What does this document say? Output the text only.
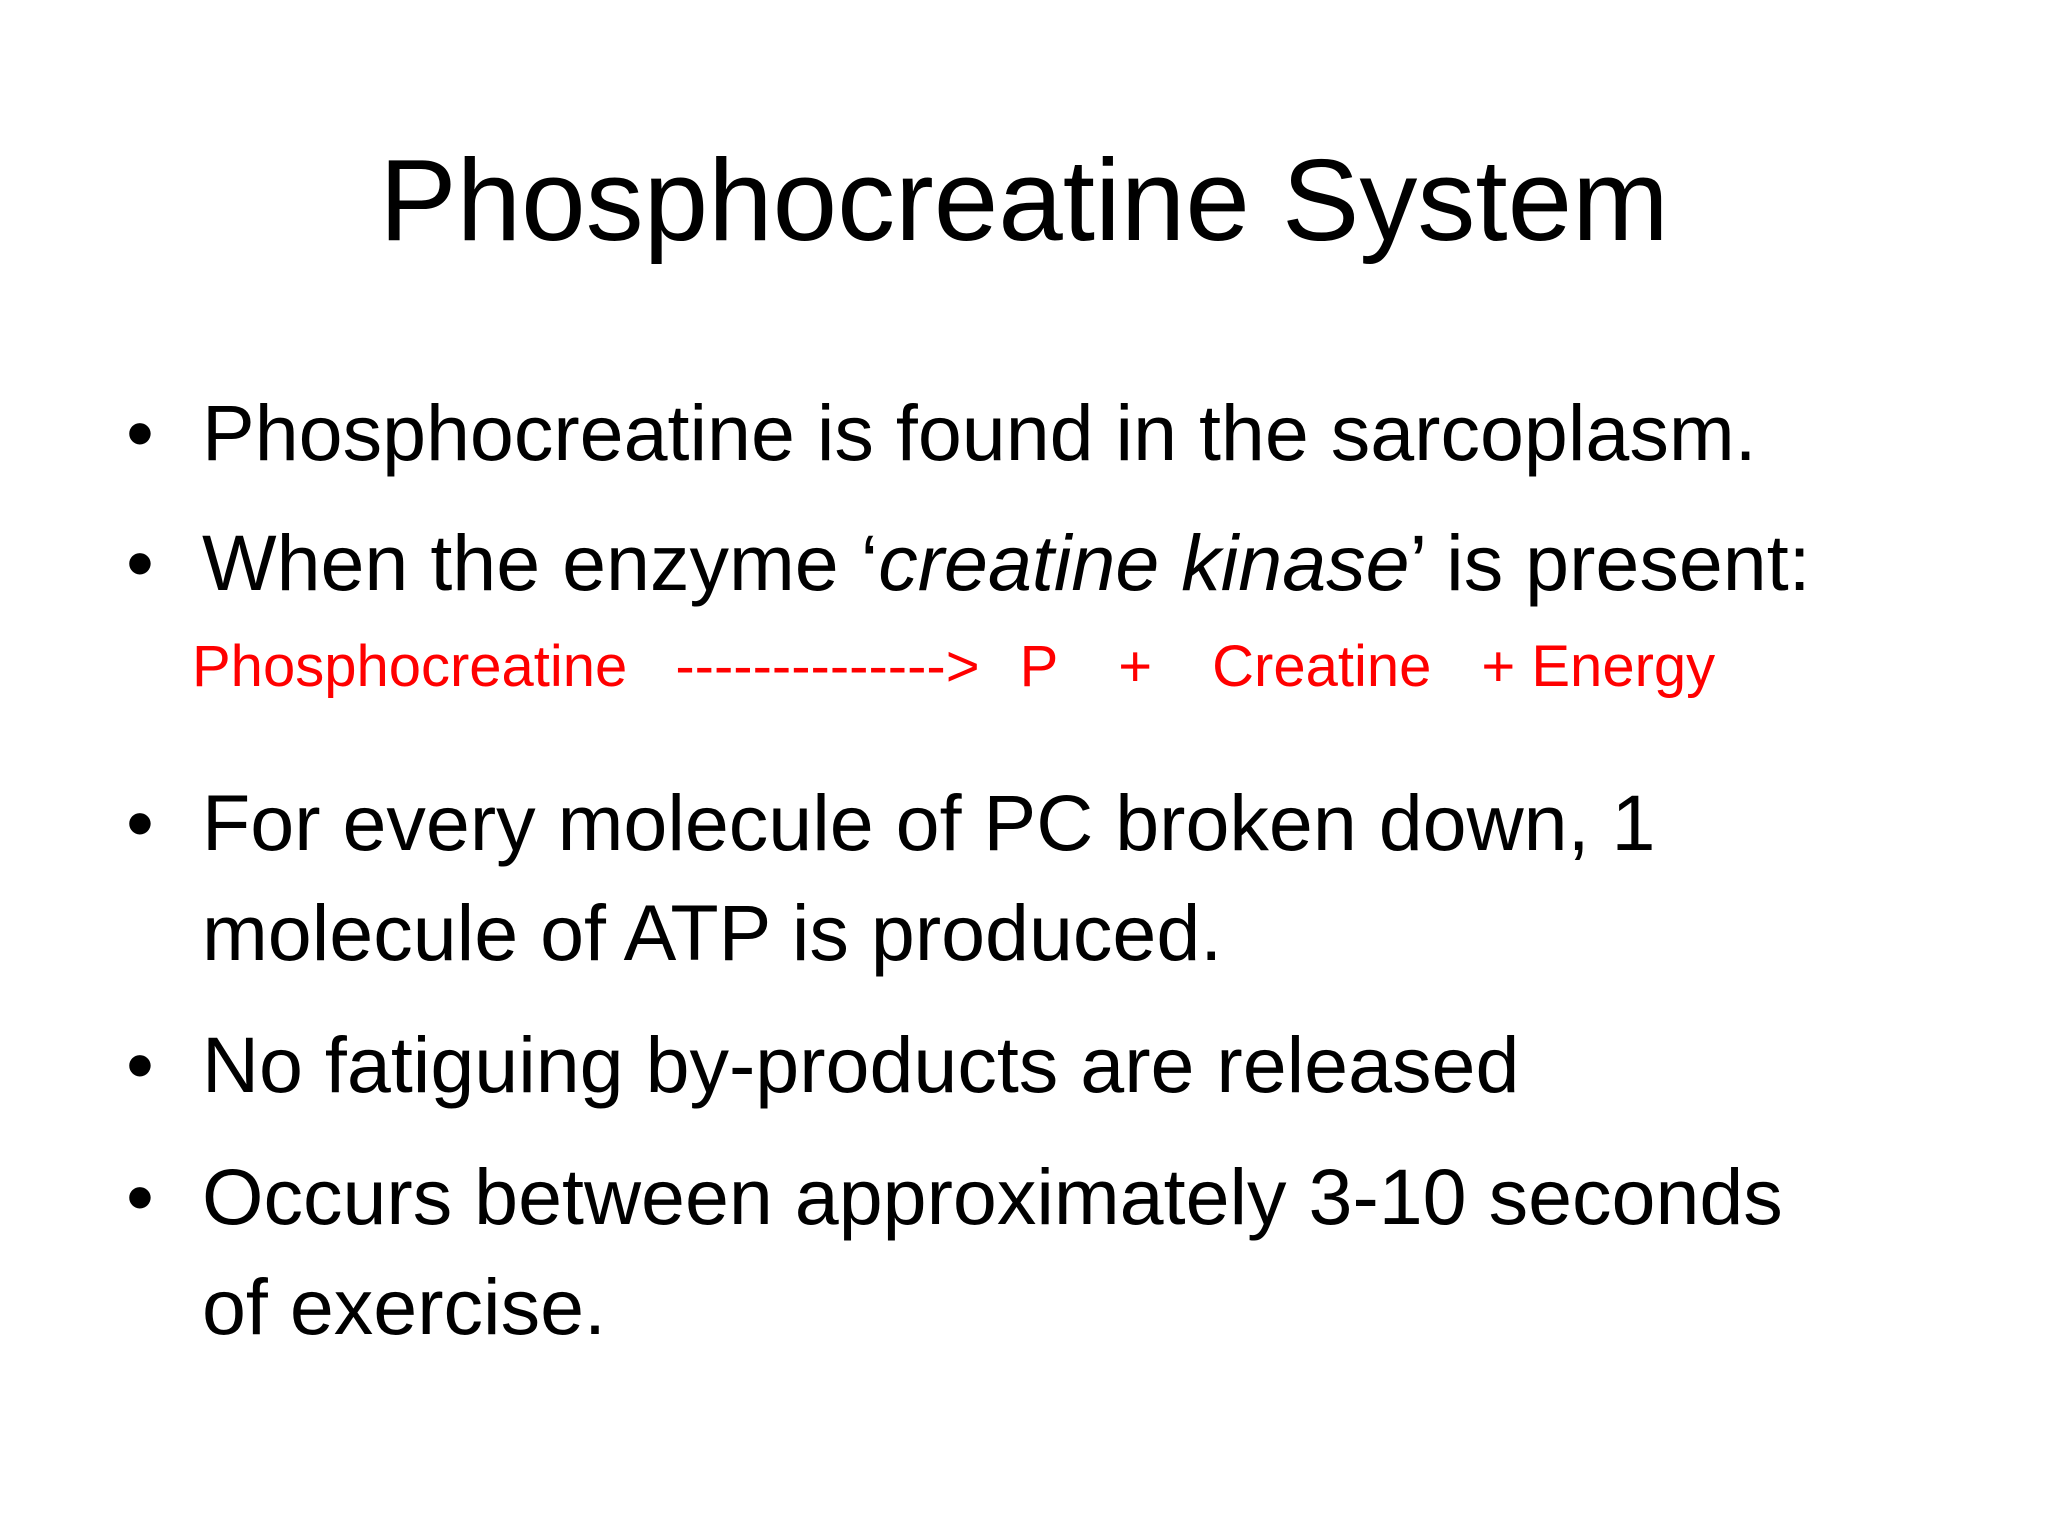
Phosphocreatine System
• Phosphocreatine is found in the sarcoplasm.
• When the enzyme ‘creatine kinase’ is present:
Phosphocreatine --------------> P + Creatine + Energy
• For every molecule of PC broken down, 1
molecule of ATP is produced.
• No fatiguing by-products are released
• Occurs between approximately 3-10 seconds
of exercise.
